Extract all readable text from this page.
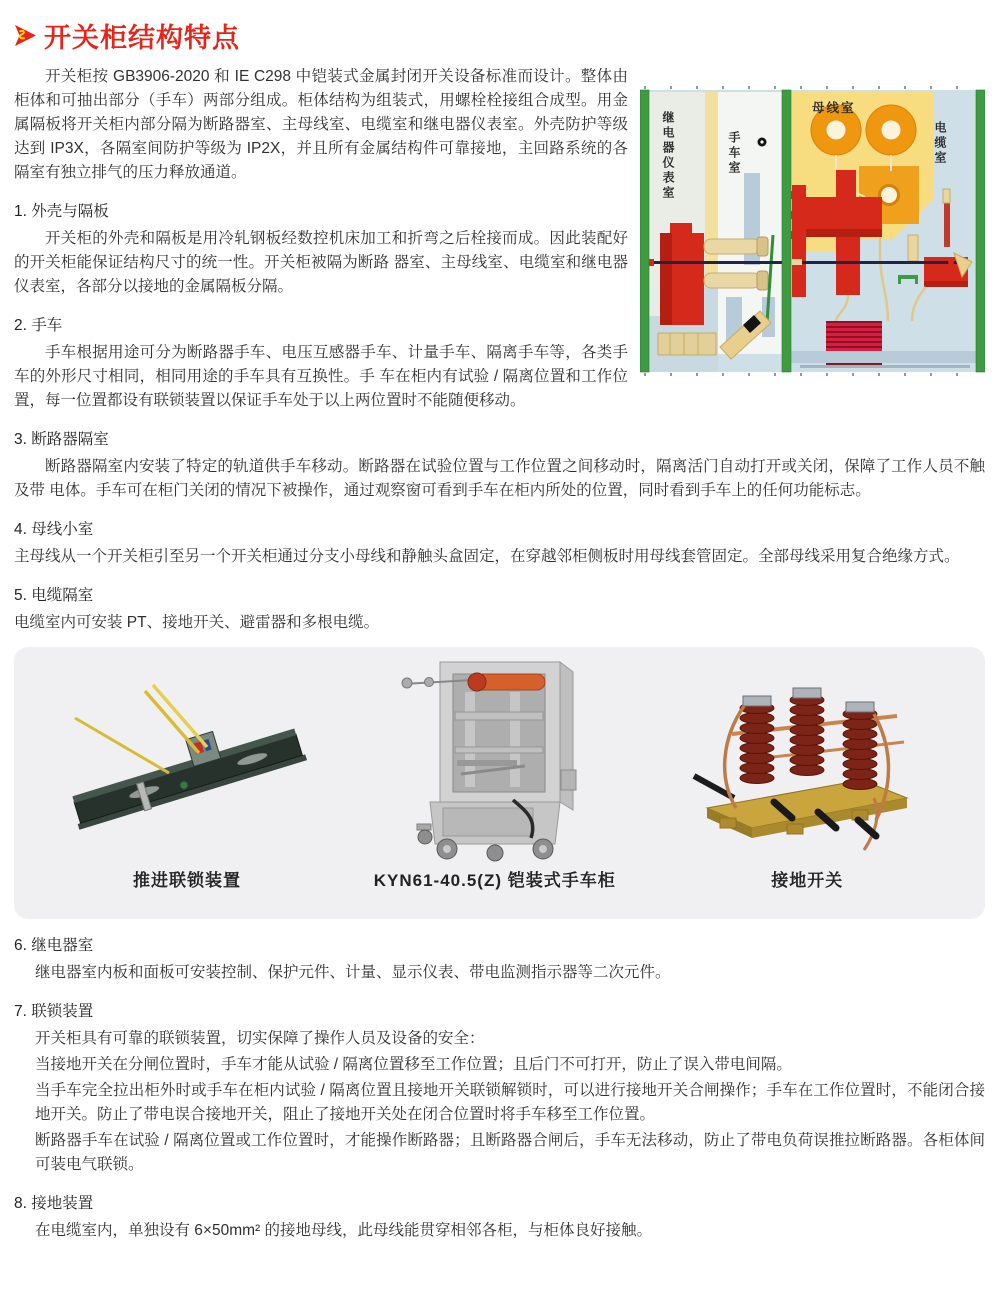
开关柜结构特点
继电器仪表室	手车室
母线室
电缆室

开关柜按 GB3906-2020 和 IE C298 中铠装式金属封闭开关设备标准而设计。整体由柜体和可抽出部分（手车）两部分组成。柜体结构为组装式，用螺栓栓接组合成型。用金属隔板将开关柜内部分隔为断路器室、主母线室、电缆室和继电器仪表室。外壳防护等级达到 IP3X，各隔室间防护等级为 IP2X，并且所有金属结构件可靠接地，主回路系统的各隔室有独立排气的压力释放通道。

1. 外壳与隔板

开关柜的外壳和隔板是用冷轧钢板经数控机床加工和折弯之后栓接而成。因此装配好的开关柜能保证结构尺寸的统一性。开关柜被隔为断路 器室、主母线室、电缆室和继电器仪表室，各部分以接地的金属隔板分隔。

2. 手车

手车根据用途可分为断路器手车、电压互感器手车、计量手车、隔离手车等，各类手车的外形尺寸相同，相同用途的手车具有互换性。手 车在柜内有试验 / 隔离位置和工作位置，每一位置都设有联锁装置以保证手车处于以上两位置时不能随便移动。

3. 断路器隔室

断路器隔室内安装了特定的轨道供手车移动。断路器在试验位置与工作位置之间移动时，隔离活门自动打开或关闭，保障了工作人员不触及带 电体。手车可在柜门关闭的情况下被操作，通过观察窗可看到手车在柜内所处的位置，同时看到手车上的任何功能标志。

4. 母线小室

主母线从一个开关柜引至另一个开关柜通过分支小母线和静触头盒固定，在穿越邻柜侧板时用母线套管固定。全部母线采用复合绝缘方式。

5. 电缆隔室

电缆室内可安装 PT、接地开关、避雷器和多根电缆。

推进联锁装置	KYN61-40.5(Z) 铠装式手车柜	接地开关
6. 继电器室

继电器室内板和面板可安装控制、保护元件、计量、显示仪表、带电监测指示器等二次元件。

7. 联锁装置

开关柜具有可靠的联锁装置，切实保障了操作人员及设备的安全：

当接地开关在分闸位置时，手车才能从试验 / 隔离位置移至工作位置；且后门不可打开，防止了误入带电间隔。

当手车完全拉出柜外时或手车在柜内试验 / 隔离位置且接地开关联锁解锁时，可以进行接地开关合闸操作；手车在工作位置时，不能闭合接地开关。防止了带电误合接地开关，阻止了接地开关处在闭合位置时将手车移至工作位置。

断路器手车在试验 / 隔离位置或工作位置时，才能操作断路器；且断路器合闸后，手车无法移动，防止了带电负荷误推拉断路器。各柜体间可装电气联锁。

8. 接地装置

在电缆室内，单独设有 6×50mm² 的接地母线，此母线能贯穿相邻各柜，与柜体良好接触。
